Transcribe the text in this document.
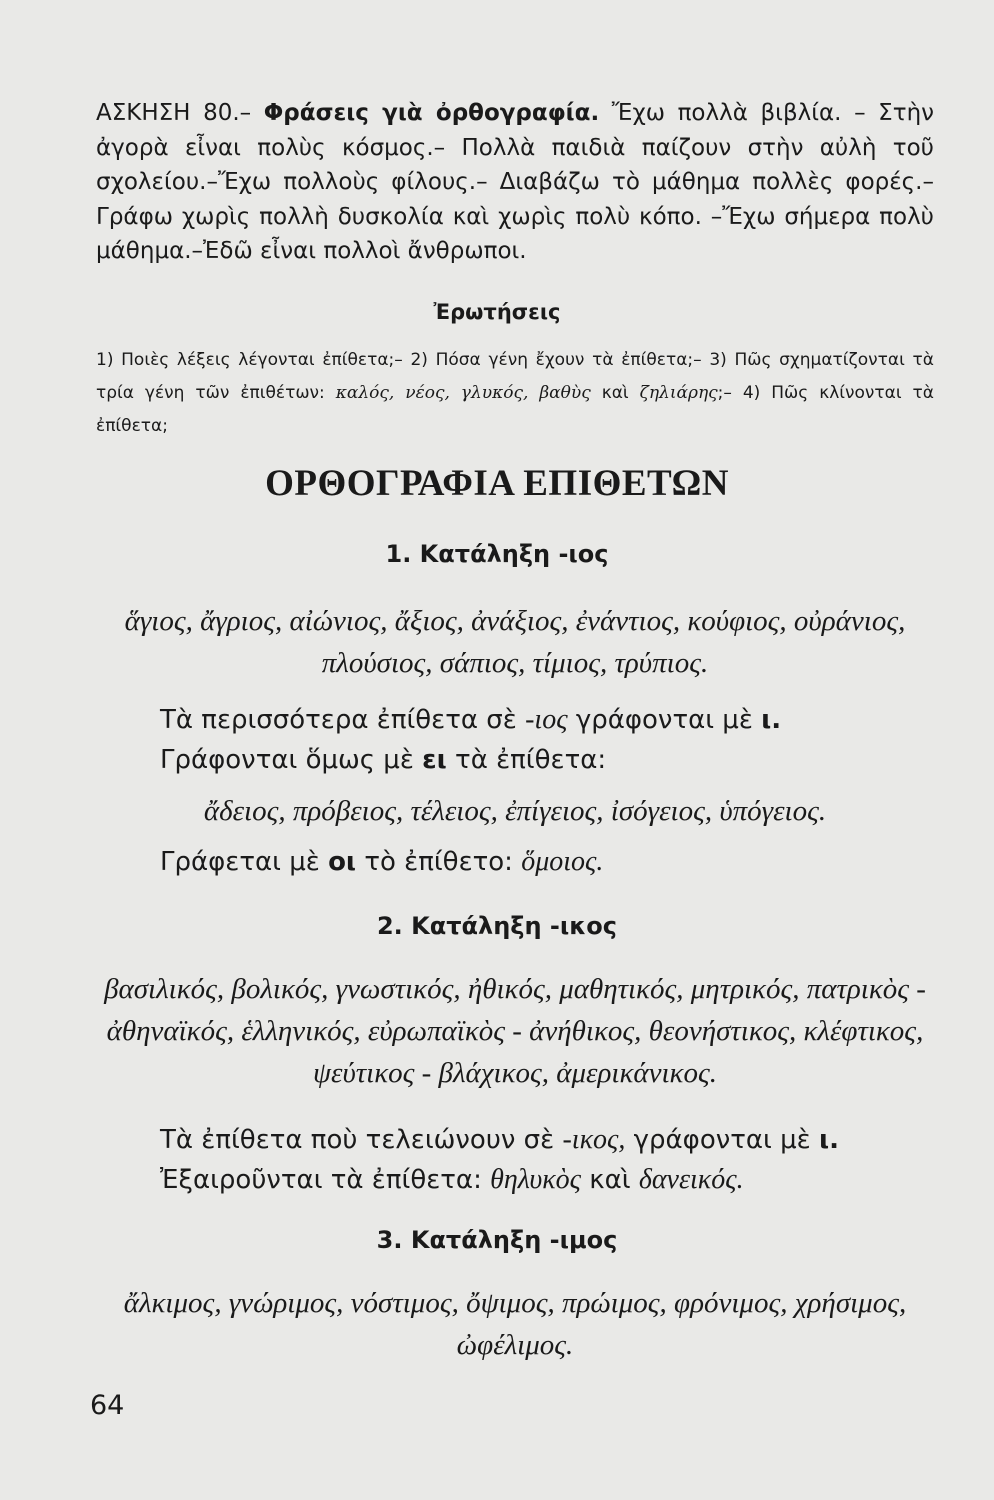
ΑΣΚΗΣΗ 80.– Φράσεις γιὰ ὀρθογραφία. Ἔχω πολλὰ βιβλία. – Στὴν ἀγορὰ εἶναι πολὺς κόσμος.– Πολλὰ παιδιὰ παίζουν στὴν αὐλὴ τοῦ σχολείου.–Ἔχω πολλοὺς φίλους.– Διαβάζω τὸ μάθημα πολλὲς φορές.–Γράφω χωρὶς πολλὴ δυσκολία καὶ χωρὶς πολὺ κόπο. –Ἔχω σήμερα πολὺ μάθημα.–Ἐδῶ εἶναι πολλοὶ ἄνθρωποι.
Ἐρωτήσεις
1) Ποιὲς λέξεις λέγονται ἐπίθετα;– 2) Πόσα γένη ἔχουν τὰ ἐπίθετα;– 3) Πῶς σχηματίζονται τὰ τρία γένη τῶν ἐπιθέτων: καλός, νέος, γλυκός, βαθὺς καὶ ζηλιάρης;– 4) Πῶς κλίνονται τὰ ἐπίθετα;
ΟΡΘΟΓΡΑΦΙΑ ΕΠΙΘΕΤΩΝ
1. Κατάληξη -ιος
ἅγιος, ἄγριος, αἰώνιος, ἄξιος, ἀνάξιος, ἐνάντιος, κούφιος, οὐράνιος, πλούσιος, σάπιος, τίμιος, τρύπιος.
Τὰ περισσότερα ἐπίθετα σὲ -ιος γράφονται μὲ ι.
Γράφονται ὅμως μὲ ει τὰ ἐπίθετα:
ἄδειος, πρόβειος, τέλειος, ἐπίγειος, ἰσόγειος, ὑπόγειος.
Γράφεται μὲ οι τὸ ἐπίθετο: ὅμοιος.
2. Κατάληξη -ικος
βασιλικός, βολικός, γνωστικός, ἠθικός, μαθητικός, μητρικός, πατρικὸς - ἀθηναϊκός, ἑλληνικός, εὐρωπαϊκὸς - ἀνήθικος, θεονήστικος, κλέφτικος, ψεύτικος - βλάχικος, ἀμερικάνικος.
Τὰ ἐπίθετα ποὺ τελειώνουν σὲ -ικος, γράφονται μὲ ι.
Ἐξαιροῦνται τὰ ἐπίθετα: θηλυκὸς καὶ δανεικός.
3. Κατάληξη -ιμος
ἄλκιμος, γνώριμος, νόστιμος, ὄψιμος, πρώιμος, φρόνιμος, χρήσιμος, ὠφέλιμος.
64
